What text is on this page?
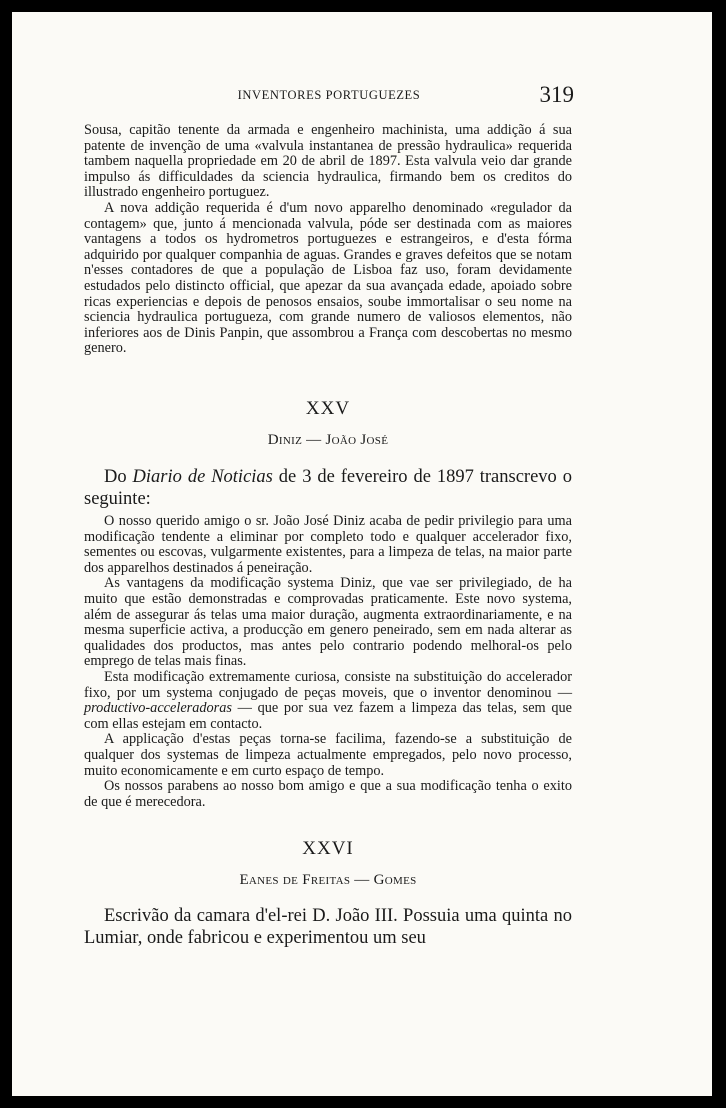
INVENTORES PORTUGUEZES	319

Sousa, capitão tenente da armada e engenheiro machinista, uma addição á sua patente de invenção de uma «valvula instantanea de pressão hydraulica» requerida tambem naquella propriedade em 20 de abril de 1897. Esta valvula veio dar grande impulso ás difficuldades da sciencia hydraulica, firmando bem os creditos do illustrado engenheiro portuguez.

A nova addição requerida é d'um novo apparelho denominado «regulador da contagem» que, junto á mencionada valvula, póde ser destinada com as maiores vantagens a todos os hydrometros portuguezes e estrangeiros, e d'esta fórma adquirido por qualquer companhia de aguas. Grandes e graves defeitos que se notam n'esses contadores de que a população de Lisboa faz uso, foram devidamente estudados pelo distincto official, que apezar da sua avançada edade, apoiado sobre ricas experiencias e depois de penosos ensaios, soube immortalisar o seu nome na sciencia hydraulica portugueza, com grande numero de valiosos elementos, não inferiores aos de Dinis Panpin, que assombrou a França com descobertas no mesmo genero.

XXV
Diniz — João José

Do Diario de Noticias de 3 de fevereiro de 1897 transcrevo o seguinte:

O nosso querido amigo o sr. João José Diniz acaba de pedir privilegio para uma modificação tendente a eliminar por completo todo e qualquer accelerador fixo, sementes ou escovas, vulgarmente existentes, para a limpeza de telas, na maior parte dos apparelhos destinados á peneiração.

As vantagens da modificação systema Diniz, que vae ser privilegiado, de ha muito que estão demonstradas e comprovadas praticamente. Este novo systema, além de assegurar ás telas uma maior duração, augmenta extraordinariamente, e na mesma superficie activa, a producção em genero peneirado, sem em nada alterar as qualidades dos productos, mas antes pelo contrario podendo melhoral-os pelo emprego de telas mais finas.

Esta modificação extremamente curiosa, consiste na substituição do accelerador fixo, por um systema conjugado de peças moveis, que o inventor denominou — productivo-acceleradoras — que por sua vez fazem a limpeza das telas, sem que com ellas estejam em contacto.

A applicação d'estas peças torna-se facilima, fazendo-se a substituição de qualquer dos systemas de limpeza actualmente empregados, pelo novo processo, muito economicamente e em curto espaço de tempo.

Os nossos parabens ao nosso bom amigo e que a sua modificação tenha o exito de que é merecedora.

XXVI
Eanes de Freitas — Gomes

Escrivão da camara d'el-rei D. João III. Possuia uma quinta no Lumiar, onde fabricou e experimentou um seu
